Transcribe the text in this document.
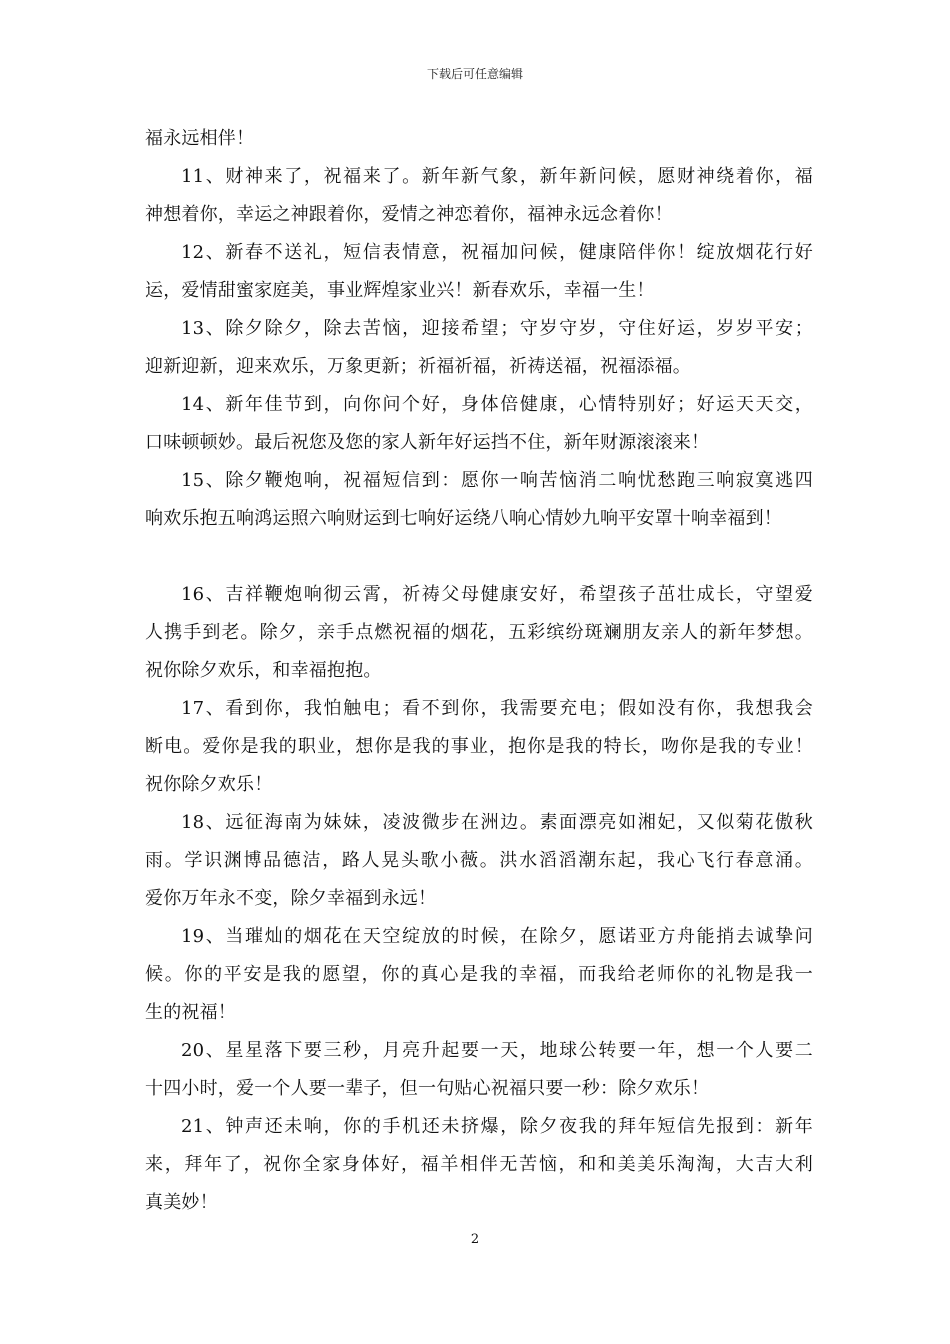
下载后可任意编辑
福永远相伴！
11、财神来了，祝福来了。新年新气象，新年新问候，愿财神绕着你，福
神想着你，幸运之神跟着你，爱情之神恋着你，福神永远念着你！
12、新春不送礼，短信表情意，祝福加问候，健康陪伴你！绽放烟花行好
运，爱情甜蜜家庭美，事业辉煌家业兴！新春欢乐，幸福一生！
13、除夕除夕，除去苦恼，迎接希望；守岁守岁，守住好运，岁岁平安；
迎新迎新，迎来欢乐，万象更新；祈福祈福，祈祷送福，祝福添福。
14、新年佳节到，向你问个好，身体倍健康，心情特别好；好运天天交，
口味顿顿妙。最后祝您及您的家人新年好运挡不住，新年财源滚滚来！
15、除夕鞭炮响，祝福短信到：愿你一响苦恼消二响忧愁跑三响寂寞逃四
响欢乐抱五响鸿运照六响财运到七响好运绕八响心情妙九响平安罩十响幸福到！
16、吉祥鞭炮响彻云霄，祈祷父母健康安好，希望孩子茁壮成长，守望爱
人携手到老。除夕，亲手点燃祝福的烟花，五彩缤纷斑斓朋友亲人的新年梦想。
祝你除夕欢乐，和幸福抱抱。
17、看到你，我怕触电；看不到你，我需要充电；假如没有你，我想我会
断电。爱你是我的职业，想你是我的事业，抱你是我的特长，吻你是我的专业！
祝你除夕欢乐！
18、远征海南为妹妹，凌波微步在洲边。素面漂亮如湘妃，又似菊花傲秋
雨。学识渊博品德洁，路人晃头歌小薇。洪水滔滔潮东起，我心飞行春意涌。
爱你万年永不变，除夕幸福到永远！
19、当璀灿的烟花在天空绽放的时候，在除夕，愿诺亚方舟能捎去诚挚问
候。你的平安是我的愿望，你的真心是我的幸福，而我给老师你的礼物是我一
生的祝福！
20、星星落下要三秒，月亮升起要一天，地球公转要一年，想一个人要二
十四小时，爱一个人要一辈子，但一句贴心祝福只要一秒：除夕欢乐！
21、钟声还未响，你的手机还未挤爆，除夕夜我的拜年短信先报到：新年
来，拜年了，祝你全家身体好，福羊相伴无苦恼，和和美美乐淘淘，大吉大利
真美妙！
2
